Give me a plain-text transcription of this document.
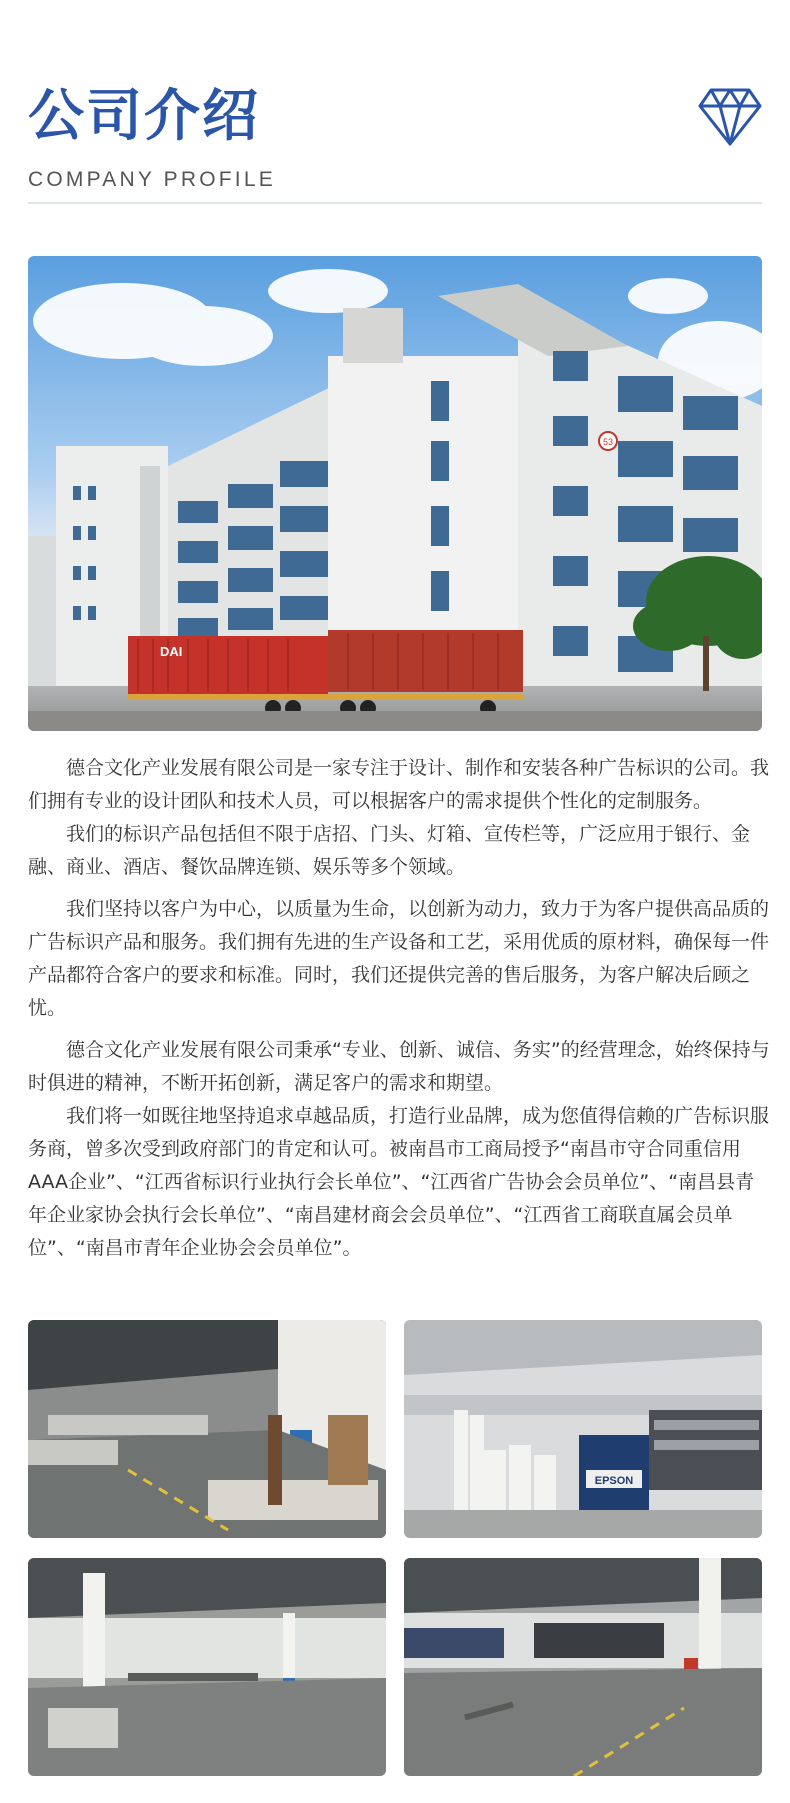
公司介绍
COMPANY PROFILE
53
DAI

德合文化产业发展有限公司是一家专注于设计、制作和安装各种广告标识的公司。我们拥有专业的设计团队和技术人员，可以根据客户的需求提供个性化的定制服务。

我们的标识产品包括但不限于店招、门头、灯箱、宣传栏等，广泛应用于银行、金融、商业、酒店、餐饮品牌连锁、娱乐等多个领域。

我们坚持以客户为中心，以质量为生命，以创新为动力，致力于为客户提供高品质的广告标识产品和服务。我们拥有先进的生产设备和工艺，采用优质的原材料，确保每一件产品都符合客户的要求和标准。同时，我们还提供完善的售后服务，为客户解决后顾之忧。

德合文化产业发展有限公司秉承“专业、创新、诚信、务实”的经营理念，始终保持与时俱进的精神，不断开拓创新，满足客户的需求和期望。

我们将一如既往地坚持追求卓越品质，打造行业品牌，成为您值得信赖的广告标识服务商，曾多次受到政府部门的肯定和认可。被南昌市工商局授予“南昌市守合同重信用AAA企业”、“江西省标识行业执行会长单位”、“江西省广告协会会员单位”、“南昌县青年企业家协会执行会长单位”、“南昌建材商会会员单位”、“江西省工商联直属会员单位”、“南昌市青年企业协会会员单位”。

EPSON
